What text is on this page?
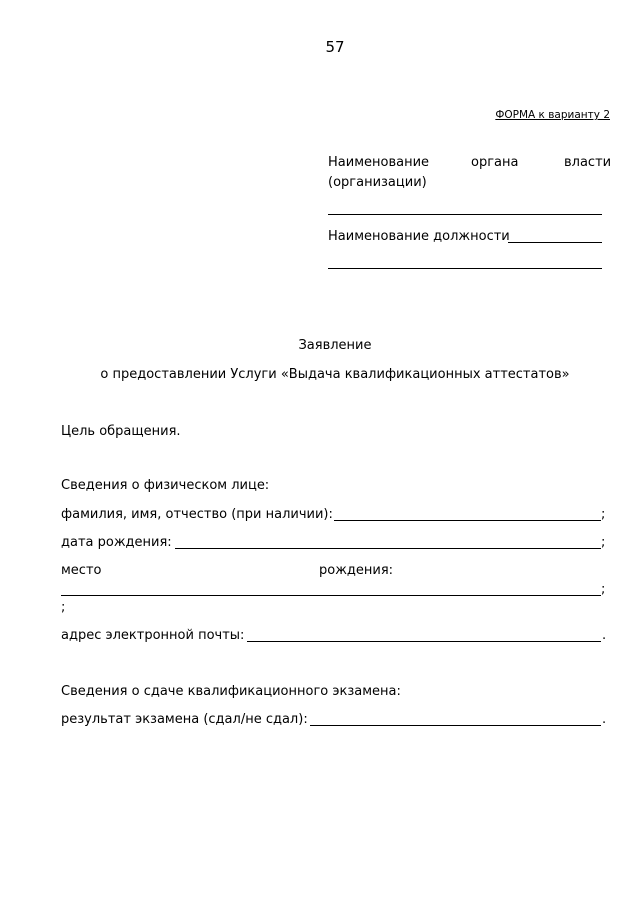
57
ФОРМА к варианту 2
Наименование	органа	власти
(организации)
Наименование должности
Заявление
о предоставлении Услуги «Выдача квалификационных аттестатов»
Цель обращения.
Сведения о физическом лице:
фамилия, имя, отчество (при наличии):	;
дата рождения:	;
место	рождения:
;
;
адрес электронной почты:	.
Сведения о сдаче квалификационного экзамена:
результат экзамена (сдал/не сдал):	.
